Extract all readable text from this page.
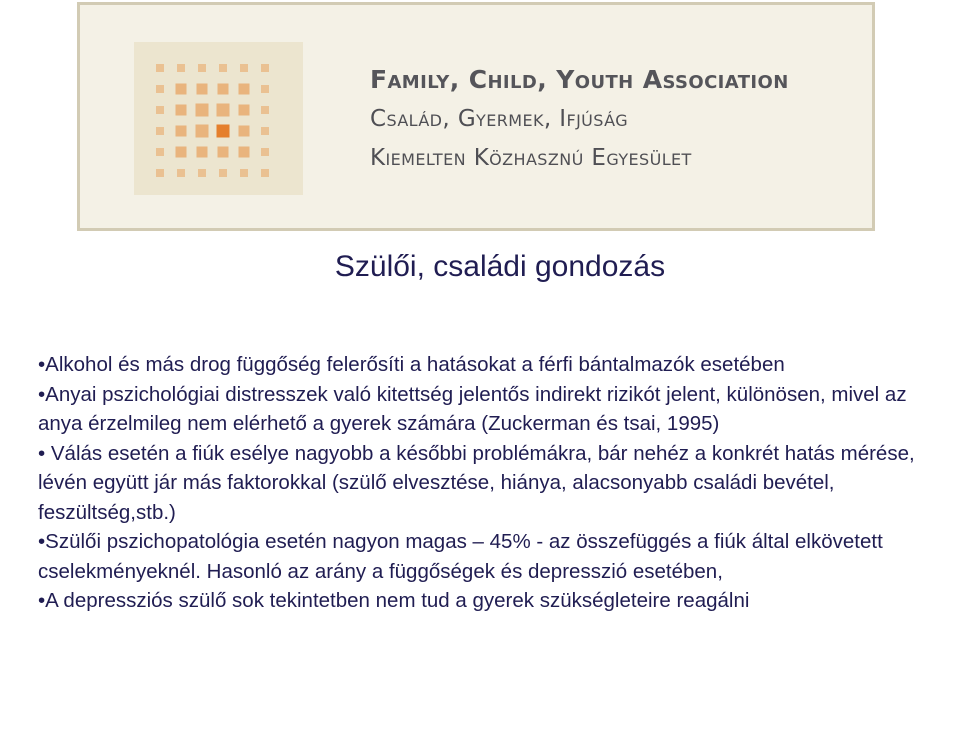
Family, Child, Youth Association
Család, Gyermek, Ifjúság
Kiemelten Közhasznú Egyesület
Szülői, családi gondozás

•Alkohol és más drog függőség felerősíti a hatásokat a férfi bántalmazók esetében

•Anyai pszichológiai distresszek való kitettség jelentős indirekt rizikót jelent, különösen, mivel az anya érzelmileg nem elérhető a gyerek számára (Zuckerman és tsai, 1995)

• Válás esetén a fiúk esélye nagyobb a későbbi problémákra, bár nehéz a konkrét hatás mérése, lévén együtt jár más faktorokkal (szülő elvesztése, hiánya, alacsonyabb családi bevétel, feszültség,stb.)

•Szülői pszichopatológia esetén nagyon magas – 45% - az összefüggés a fiúk által elkövetett cselekményeknél. Hasonló az arány a függőségek és depresszió esetében,

•A depressziós szülő sok tekintetben nem tud a gyerek szükségleteire reagálni
